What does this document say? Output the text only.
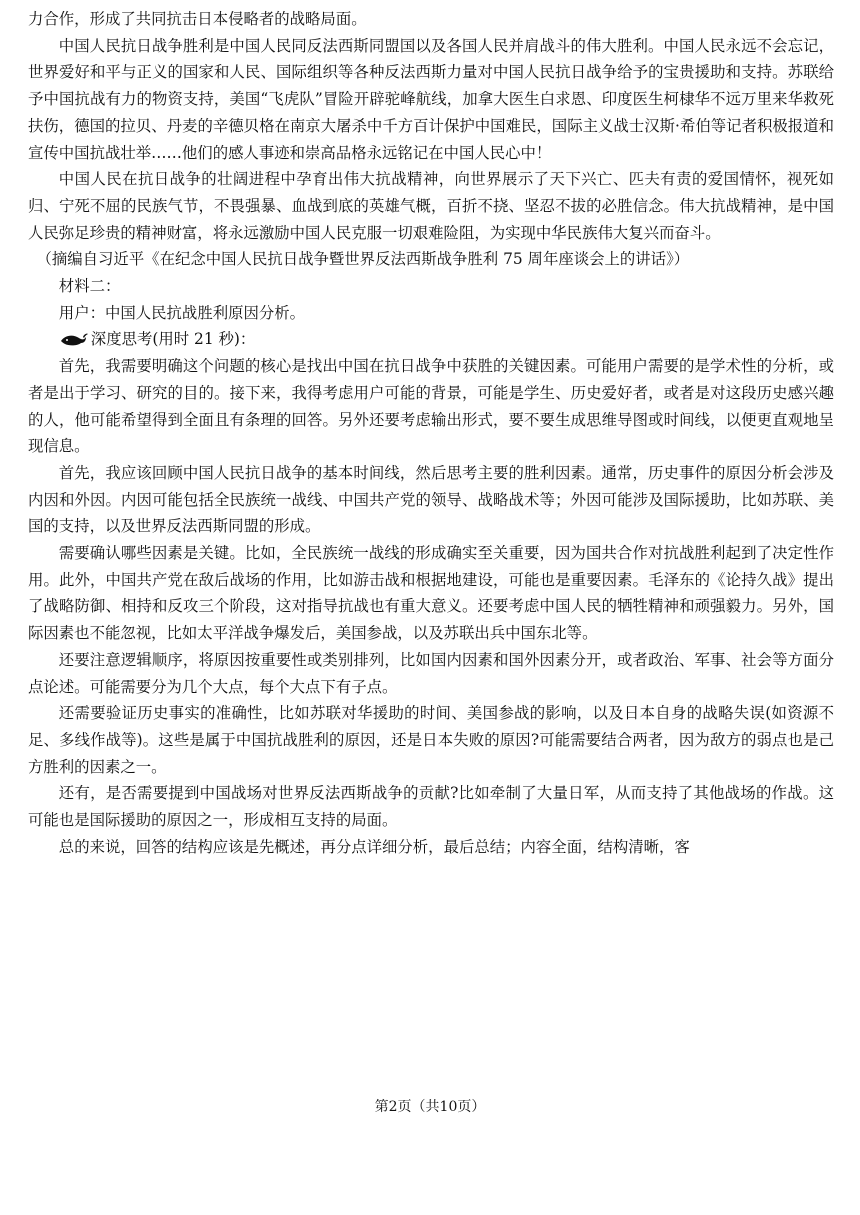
力合作，形成了共同抗击日本侵略者的战略局面。

中国人民抗日战争胜利是中国人民同反法西斯同盟国以及各国人民并肩战斗的伟大胜利。中国人民永远不会忘记，世界爱好和平与正义的国家和人民、国际组织等各种反法西斯力量对中国人民抗日战争给予的宝贵援助和支持。苏联给予中国抗战有力的物资支持，美国“飞虎队”冒险开辟驼峰航线，加拿大医生白求恩、印度医生柯棣华不远万里来华救死扶伤，德国的拉贝、丹麦的辛德贝格在南京大屠杀中千方百计保护中国难民，国际主义战士汉斯·希伯等记者积极报道和宣传中国抗战壮举……他们的感人事迹和崇高品格永远铭记在中国人民心中！

中国人民在抗日战争的壮阔进程中孕育出伟大抗战精神，向世界展示了天下兴亡、匹夫有责的爱国情怀，视死如归、宁死不屈的民族气节，不畏强暴、血战到底的英雄气概，百折不挠、坚忍不拔的必胜信念。伟大抗战精神，是中国人民弥足珍贵的精神财富，将永远激励中国人民克服一切艰难险阻，为实现中华民族伟大复兴而奋斗。

（摘编自习近平《在纪念中国人民抗日战争暨世界反法西斯战争胜利 75 周年座谈会上的讲话》）

材料二：

用户：中国人民抗战胜利原因分析。

深度思考(用时 21 秒)：

首先，我需要明确这个问题的核心是找出中国在抗日战争中获胜的关键因素。可能用户需要的是学术性的分析，或者是出于学习、研究的目的。接下来，我得考虑用户可能的背景，可能是学生、历史爱好者，或者是对这段历史感兴趣的人，他可能希望得到全面且有条理的回答。另外还要考虑输出形式，要不要生成思维导图或时间线，以便更直观地呈现信息。

首先，我应该回顾中国人民抗日战争的基本时间线，然后思考主要的胜利因素。通常，历史事件的原因分析会涉及内因和外因。内因可能包括全民族统一战线、中国共产党的领导、战略战术等；外因可能涉及国际援助，比如苏联、美国的支持，以及世界反法西斯同盟的形成。

需要确认哪些因素是关键。比如，全民族统一战线的形成确实至关重要，因为国共合作对抗战胜利起到了决定性作用。此外，中国共产党在敌后战场的作用，比如游击战和根据地建设，可能也是重要因素。毛泽东的《论持久战》提出了战略防御、相持和反攻三个阶段，这对指导抗战也有重大意义。还要考虑中国人民的牺牲精神和顽强毅力。另外，国际因素也不能忽视，比如太平洋战争爆发后，美国参战，以及苏联出兵中国东北等。

还要注意逻辑顺序，将原因按重要性或类别排列，比如国内因素和国外因素分开，或者政治、军事、社会等方面分点论述。可能需要分为几个大点，每个大点下有子点。

还需要验证历史事实的准确性，比如苏联对华援助的时间、美国参战的影响，以及日本自身的战略失误(如资源不足、多线作战等)。这些是属于中国抗战胜利的原因，还是日本失败的原因?可能需要结合两者，因为敌方的弱点也是己方胜利的因素之一。

还有，是否需要提到中国战场对世界反法西斯战争的贡献?比如牵制了大量日军，从而支持了其他战场的作战。这可能也是国际援助的原因之一，形成相互支持的局面。

总的来说，回答的结构应该是先概述，再分点详细分析，最后总结；内容全面，结构清晰，客

第2页（共10页）
